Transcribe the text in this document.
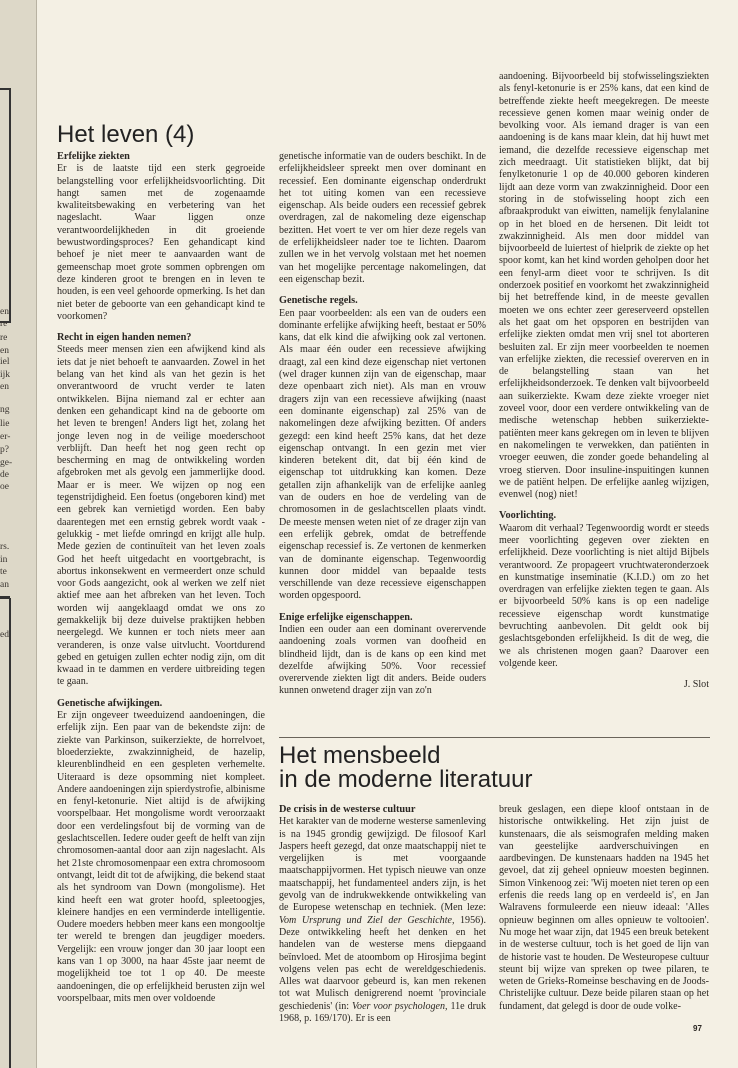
en
re
re
en
iel
ijk
en
ng
lie
er-
p?
ge-
de
oe
rs.
in
te
an
ed.
Het leven (4)
Erfelijke ziekten

Er is de laatste tijd een sterk gegroeide belangstelling voor erfelijkheidsvoorlichting. Dit hangt samen met de zogenaamde kwaliteitsbewaking en verbetering van het nageslacht. Waar liggen onze verantwoordelijkheden in dit groeiende bewustwordingsproces? Een gehandicapt kind behoef je niet meer te aanvaarden want de gemeenschap moet grote sommen opbrengen om deze kinderen groot te brengen en in leven te houden, is een veel gehoorde opmerking. Is het dan niet beter de geboorte van een gehandicapt kind te voorkomen?

Recht in eigen handen nemen?

Steeds meer mensen zien een afwijkend kind als iets dat je niet behoeft te aanvaarden. Zowel in het belang van het kind als van het gezin is het onverantwoord de vrucht verder te laten ontwikkelen. Bijna niemand zal er echter aan denken een gehandicapt kind na de geboorte om het leven te brengen! Anders ligt het, zolang het jonge leven nog in de veilige moederschoot verblijft. Dan heeft het nog geen recht op bescherming en mag de ontwikkeling worden afgebroken met als gevolg een jammerlijke dood. Maar er is meer. We wijzen op nog een tegenstrijdigheid. Een foetus (ongeboren kind) met een gebrek kan vernietigd worden. Een baby daarentegen met een ernstig gebrek wordt vaak - gelukkig - met liefde omringd en krijgt alle hulp. Mede gezien de continuïteit van het leven zoals God het heeft uitgedacht en voortgebracht, is abortus inkonsekwent en vermeerdert onze schuld voor Gods aangezicht, ook al werken we zelf niet aktief mee aan het afbreken van het leven. Toch worden wij aangeklaagd omdat we ons zo gemakkelijk bij deze duivelse praktijken hebben neergelegd. We kunnen er toch niets meer aan veranderen, is onze valse uitvlucht. Voortdurend gebed en getuigen zullen echter nodig zijn, om dit kwaad in te dammen en verdere uitbreiding tegen te gaan.

Genetische afwijkingen.

Er zijn ongeveer tweeduizend aandoeningen, die erfelijk zijn. Een paar van de bekendste zijn: de ziekte van Parkinson, suikerziekte, de horrelvoet, bloederziekte, zwakzinnigheid, de hazelip, kleurenblindheid en een gespleten verhemelte. Uiteraard is deze opsomming niet kompleet. Andere aandoeningen zijn spierdystrofie, albinisme en fenyl-ketonurie. Niet altijd is de afwijking voorspelbaar. Het mongolisme wordt veroorzaakt door een verdelingsfout bij de vorming van de geslachtscellen. Iedere ouder geeft de helft van zijn chromosomen-aantal door aan zijn nageslacht. Als het 21ste chromosomenpaar een extra chromosoom ontvangt, leidt dit tot de afwijking, die bekend staat als het syndroom van Down (mongolisme). Het kind heeft een wat groter hoofd, spleetoogjes, kleinere handjes en een verminderde intelligentie. Oudere moeders hebben meer kans een mongooltje ter wereld te brengen dan jeugdiger moeders. Vergelijk: een vrouw jonger dan 30 jaar loopt een kans van 1 op 3000, na haar 45ste jaar neemt de mogelijkheid toe tot 1 op 40. De meeste aandoeningen, die op erfelijkheid berusten zijn wel voorspelbaar, mits men over voldoende

genetische informatie van de ouders beschikt. In de erfelijkheidsleer spreekt men over dominant en recessief. Een dominante eigenschap onderdrukt het tot uiting komen van een recessieve eigenschap. Als beide ouders een recessief gebrek overdragen, zal de nakomeling deze eigenschap bezitten. Het voert te ver om hier deze regels van de erfelijkheidsleer nader toe te lichten. Daarom zullen we in het vervolg volstaan met het noemen van het mogelijke percentage nakomelingen, dat een eigenschap bezit.

Genetische regels.

Een paar voorbeelden: als een van de ouders een dominante erfelijke afwijking heeft, bestaat er 50% kans, dat elk kind die afwijking ook zal vertonen. Als maar één ouder een recessieve afwijking draagt, zal een kind deze eigenschap niet vertonen (wel drager kunnen zijn van de eigenschap, maar deze openbaart zich niet). Als man en vrouw dragers zijn van een recessieve afwijking (naast een dominante eigenschap) zal 25% van de nakomelingen deze afwijking bezitten. Of anders gezegd: een kind heeft 25% kans, dat het deze eigenschap ontvangt. In een gezin met vier kinderen betekent dit, dat bij één kind de eigenschap tot uitdrukking kan komen. Deze getallen zijn afhankelijk van de erfelijke aanleg van de ouders en hoe de verdeling van de chromosomen in de geslachtscellen plaats vindt. De meeste mensen weten niet of ze drager zijn van een erfelijk gebrek, omdat de betreffende eigenschap recessief is. Ze vertonen de kenmerken van de dominante eigenschap. Tegenwoordig kunnen door middel van bepaalde tests verschillende van deze recessieve eigenschappen worden opgespoord.

Enige erfelijke eigenschappen.

Indien een ouder aan een dominant overervende aandoening zoals vormen van doofheid en blindheid lijdt, dan is de kans op een kind met dezelfde afwijking 50%. Voor recessief overervende ziekten ligt dit anders. Beide ouders kunnen onwetend drager zijn van zo'n

aandoening. Bijvoorbeeld bij stofwisselingsziekten als fenyl-ketonurie is er 25% kans, dat een kind de betreffende ziekte heeft meegekregen. De meeste recessieve genen komen maar weinig onder de bevolking voor. Als iemand drager is van een aandoening is de kans maar klein, dat hij huwt met iemand, die dezelfde recessieve eigenschap met zich meedraagt. Uit statistieken blijkt, dat bij fenylketonurie 1 op de 40.000 geboren kinderen lijdt aan deze vorm van zwakzinnigheid. Door een storing in de stofwisseling hoopt zich een afbraakprodukt van eiwitten, namelijk fenylalanine op in het bloed en de hersenen. Dit leidt tot zwakzinnigheid. Als men door middel van bijvoorbeeld de luiertest of hielprik de ziekte op het spoor komt, kan het kind worden geholpen door het een fenyl-arm dieet voor te schrijven. Is dit onderzoek positief en voorkomt het zwakzinnigheid bij het betreffende kind, in de meeste gevallen moeten we ons echter zeer gereserveerd opstellen als het gaat om het opsporen en bestrijden van erfelijke ziekten omdat men vrij snel tot aborteren besluiten zal. Er zijn meer voorbeelden te noemen van erfelijke ziekten, die recessief overerven en in de belangstelling staan van het erfelijkheidsonderzoek. Te denken valt bijvoorbeeld aan suikerziekte. Kwam deze ziekte vroeger niet zoveel voor, door een verdere ontwikkeling van de medische wetenschap hebben suikerziekte-patiënten meer kans gekregen om in leven te blijven en nakomelingen te verwekken, dan patiënten in vroeger eeuwen, die zonder goede behandeling al vroeg stierven. Door insuline-inspuitingen kunnen we de patiënt helpen. De erfelijke aanleg wijzigen, evenwel (nog) niet!

Voorlichting.

Waarom dit verhaal? Tegenwoordig wordt er steeds meer voorlichting gegeven over ziekten en erfelijkheid. Deze voorlichting is niet altijd Bijbels verantwoord. Ze propageert vruchtwateronderzoek en kunstmatige inseminatie (K.I.D.) om zo het overdragen van erfelijke ziekten tegen te gaan. Als er bijvoorbeeld 50% kans is op een nadelige recessieve eigenschap wordt kunstmatige bevruchting aanbevolen. Dit geldt ook bij geslachtsgebonden erfelijkheid. Is dit de weg, die we als christenen mogen gaan? Daarover een volgende keer.

J. Slot

Het mensbeeld
in de moderne literatuur
De crisis in de westerse cultuur

Het karakter van de moderne westerse samenleving is na 1945 grondig gewijzigd. De filosoof Karl Jaspers heeft gezegd, dat onze maatschappij niet te vergelijken is met voorgaande maatschappijvormen. Het typisch nieuwe van onze maatschappij, het fundamenteel anders zijn, is het gevolg van de indrukwekkende ontwikkeling van de Europese wetenschap en techniek. (Men leze: Vom Ursprung und Ziel der Geschichte, 1956). Deze ontwikkeling heeft het denken en het handelen van de westerse mens diepgaand beïnvloed. Met de atoombom op Hirosjima begint volgens velen pas echt de wereldgeschiedenis. Alles wat daarvoor gebeurd is, kan men rekenen tot wat Mulisch denigrerend noemt 'provinciale geschiedenis' (in: Voer voor psychologen, 11e druk 1968, p. 169/170). Er is een

breuk geslagen, een diepe kloof ontstaan in de historische ontwikkeling. Het zijn juist de kunstenaars, die als seismografen melding maken van geestelijke aardverschuivingen en aardbevingen. De kunstenaars hadden na 1945 het gevoel, dat zij geheel opnieuw moesten beginnen. Simon Vinkenoog zei: 'Wij moeten niet teren op een erfenis die reeds lang op en verdeeld is', en Jan Walravens formuleerde een nieuw ideaal: 'Alles opnieuw beginnen om alles opnieuw te voltooien'. Nu moge het waar zijn, dat 1945 een breuk betekent in de westerse cultuur, toch is het goed de lijn van de historie vast te houden. De Westeuropese cultuur steunt bij wijze van spreken op twee pilaren, te weten de Grieks-Romeinse beschaving en de Joods-Christelijke cultuur. Deze beide pilaren staan op het fundament, dat gelegd is door de oude volke-

97
